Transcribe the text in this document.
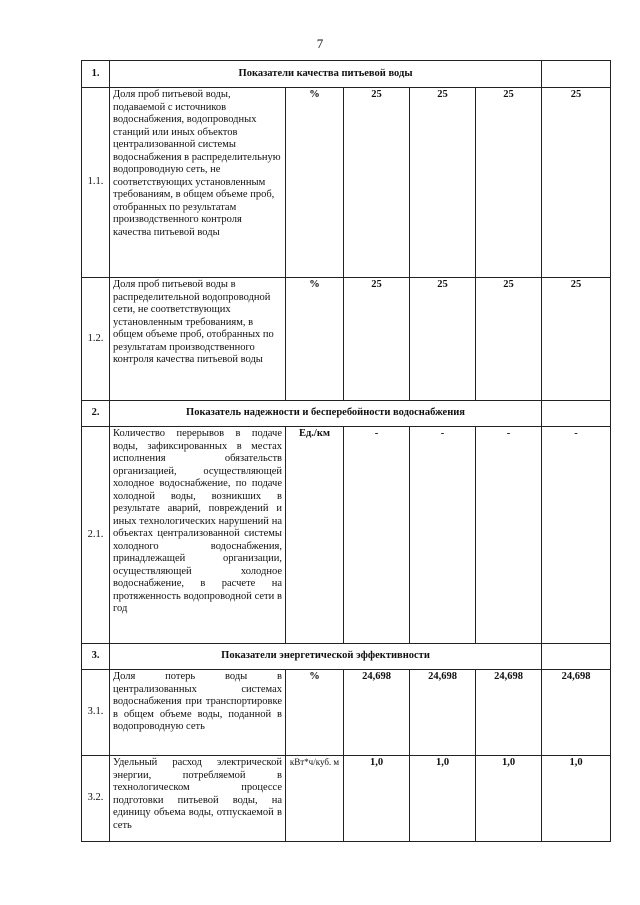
7
1.	Показатели качества питьевой воды					
1.1.	Доля проб питьевой воды, подаваемой с источников водоснабжения, водопроводных станций или иных объектов централизованной системы водоснабжения в распределительную водопроводную сеть, не соответствующих установленным требованиям, в общем объеме проб, отобранных по результатам производственного контроля качества питьевой воды	%	25	25	25	25
1.2.	Доля проб питьевой воды в распределительной водопроводной сети, не соответствующих установленным требованиям, в общем объеме проб, отобранных по результатам производственного контроля качества питьевой воды	%	25	25	25	25
2.	Показатель надежности и бесперебойности водоснабжения					
2.1.	Количество перерывов в подаче воды, зафиксированных в местах исполнения обязательств организацией, осуществляющей холодное водоснабжение, по подаче холодной воды, возникших в результате аварий, повреждений и иных технологических нарушений на объектах централизованной системы холодного водоснабжения, принадлежащей организации, осуществляющей холодное водоснабжение, в расчете на протяженность водопроводной сети в год	Ед./км	-	-	-	-
3.	Показатели энергетической эффективности					
3.1.	Доля потерь воды в централизованных системах водоснабжения при транспортировке в общем объеме воды, поданной в водопроводную сеть	%	24,698	24,698	24,698	24,698
3.2.	Удельный расход электрической энергии, потребляемой в технологическом процессе подготовки питьевой воды, на единицу объема воды, отпускаемой в сеть	кВт*ч/куб. м	1,0	1,0	1,0	1,0
